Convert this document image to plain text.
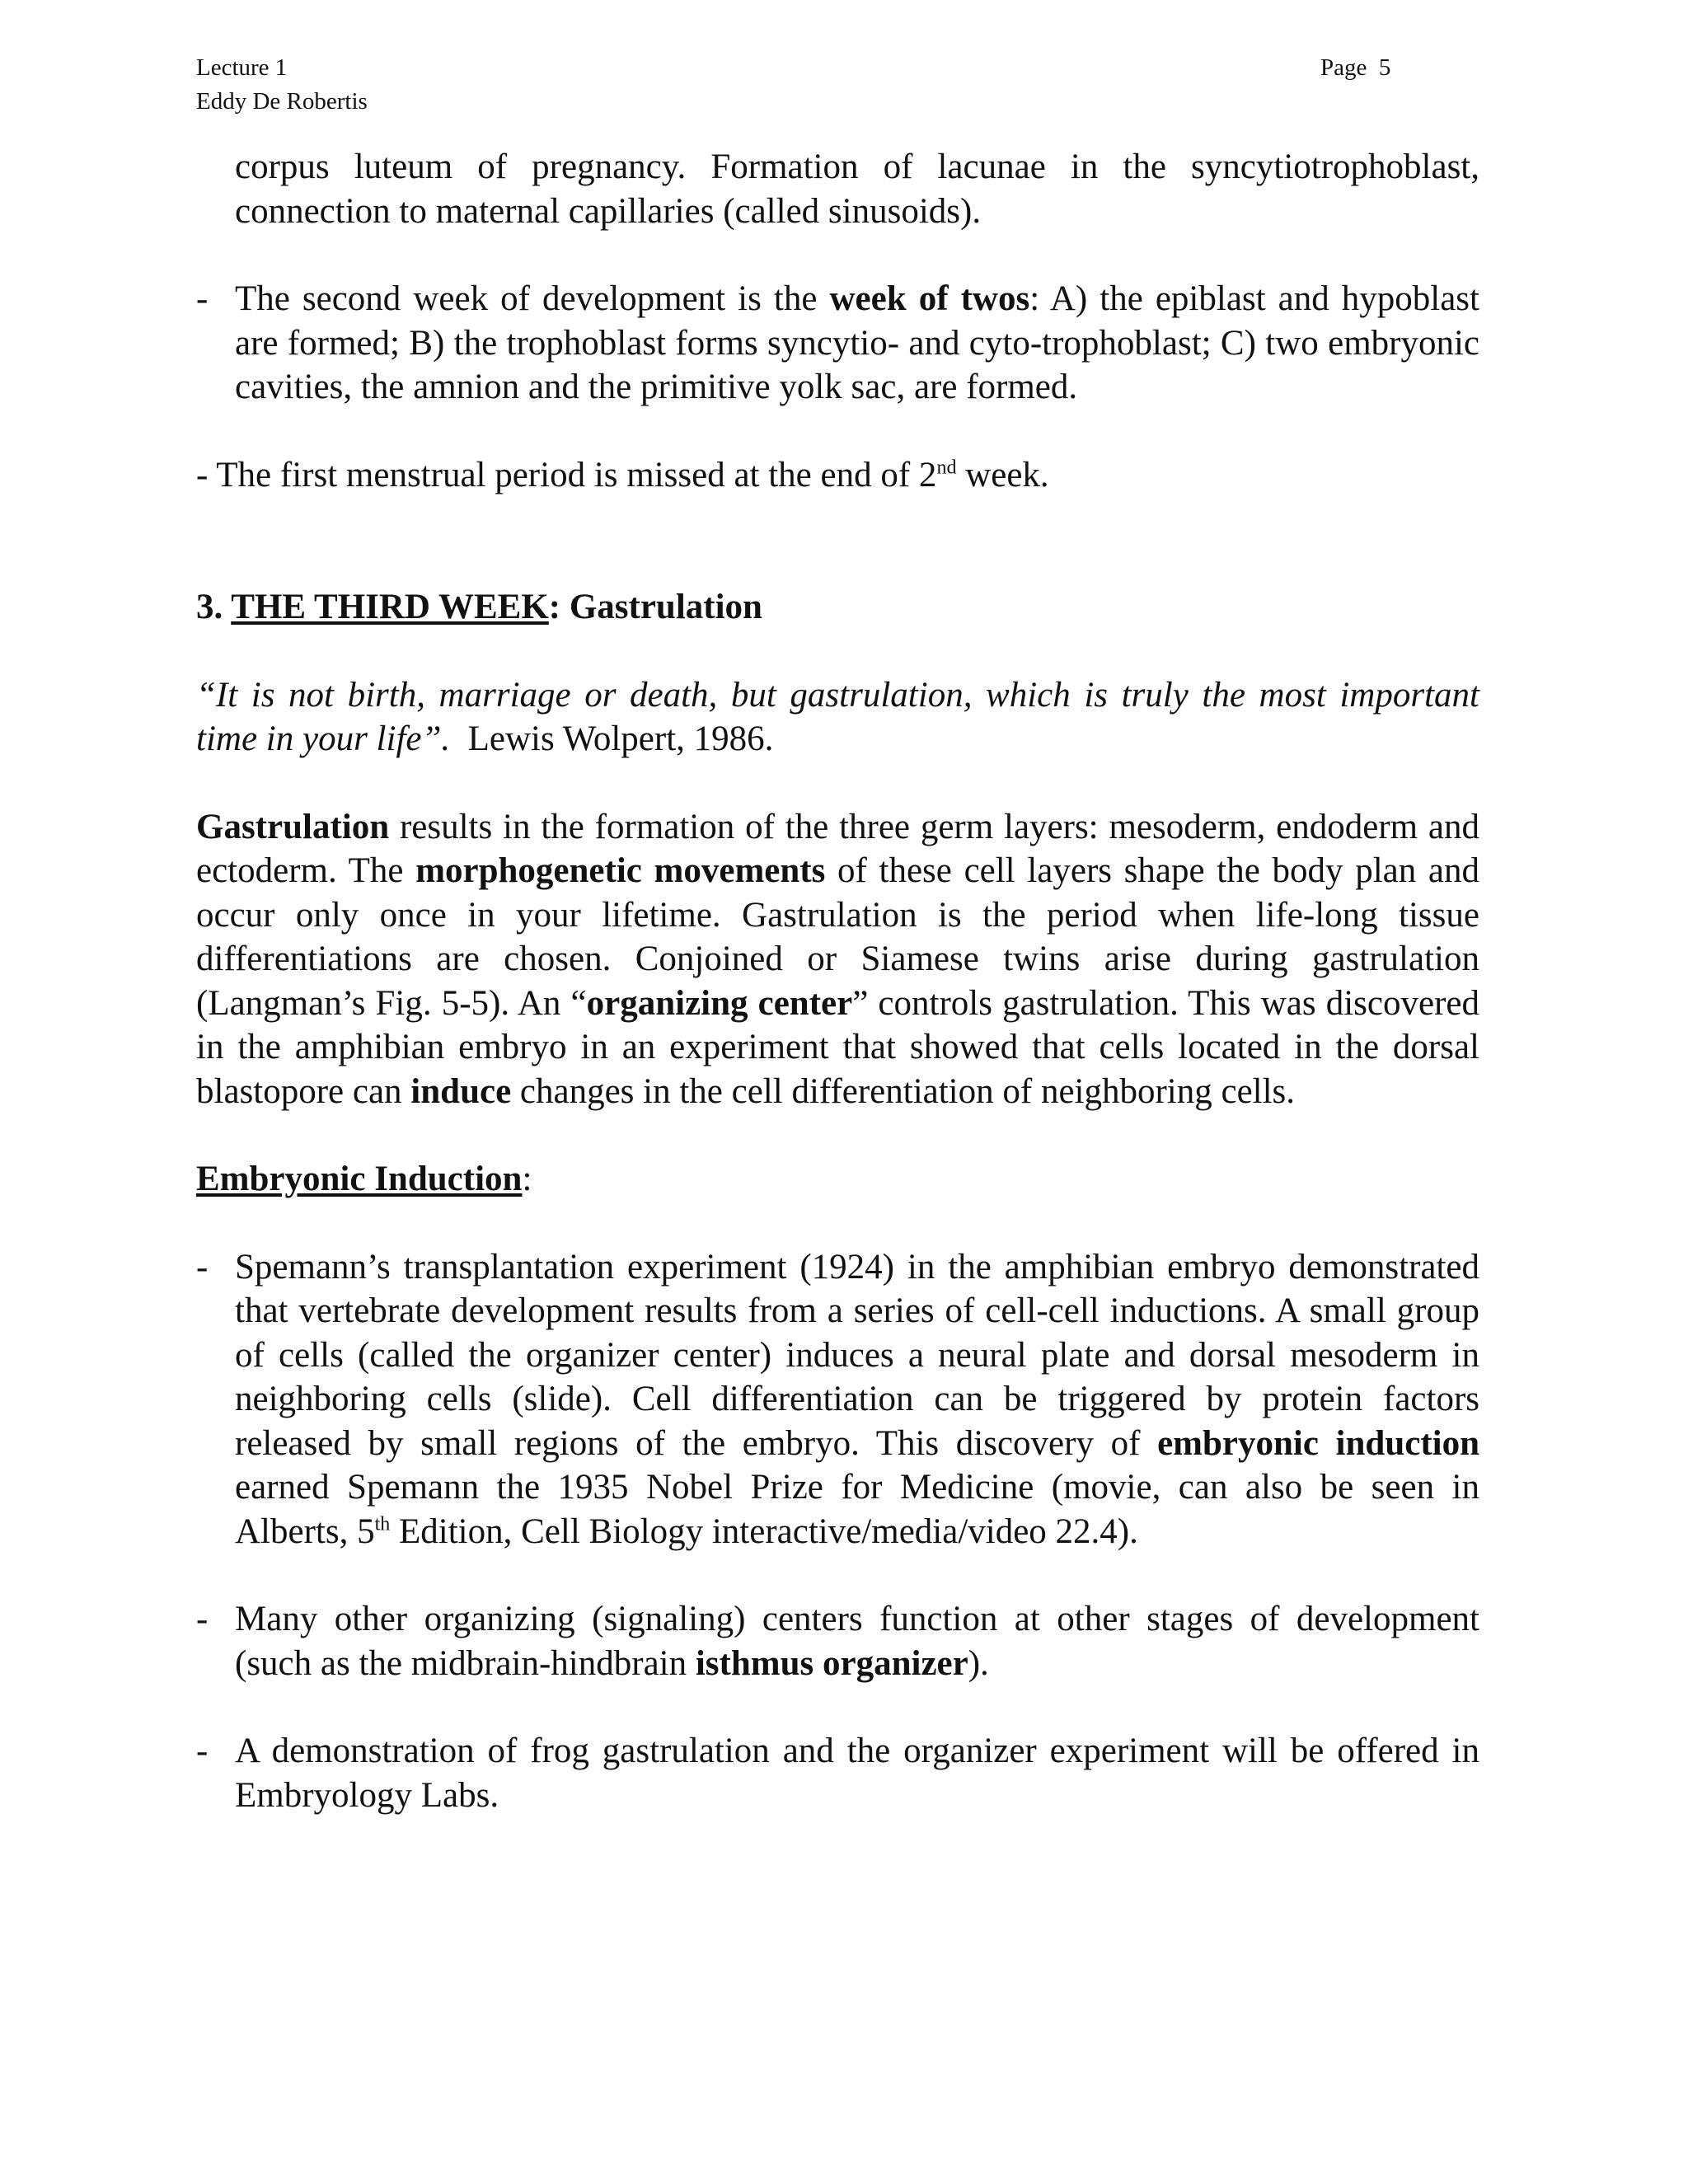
Lecture 1
Eddy De Robertis
Page  5
corpus luteum of pregnancy. Formation of lacunae in the syncytiotrophoblast,
connection to maternal capillaries (called sinusoids).
- The second week of development is the week of twos: A) the epiblast and hypoblast are formed; B) the trophoblast forms syncytio- and cyto-trophoblast; C) two embryonic cavities, the amnion and the primitive yolk sac, are formed.
- The first menstrual period is missed at the end of 2nd week.
3. THE THIRD WEEK: Gastrulation
“It is not birth, marriage or death, but gastrulation, which is truly the most important time in your life”.  Lewis Wolpert, 1986.
Gastrulation results in the formation of the three germ layers: mesoderm, endoderm and ectoderm. The morphogenetic movements of these cell layers shape the body plan and occur only once in your lifetime. Gastrulation is the period when life-long tissue differentiations are chosen. Conjoined or Siamese twins arise during gastrulation (Langman’s Fig. 5-5). An “organizing center” controls gastrulation. This was discovered in the amphibian embryo in an experiment that showed that cells located in the dorsal blastopore can induce changes in the cell differentiation of neighboring cells.
Embryonic Induction:
- Spemann’s transplantation experiment (1924) in the amphibian embryo demonstrated that vertebrate development results from a series of cell-cell inductions. A small group of cells (called the organizer center) induces a neural plate and dorsal mesoderm in neighboring cells (slide). Cell differentiation can be triggered by protein factors released by small regions of the embryo. This discovery of embryonic induction earned Spemann the 1935 Nobel Prize for Medicine (movie, can also be seen in Alberts, 5th Edition, Cell Biology interactive/media/video 22.4).
- Many other organizing (signaling) centers function at other stages of development (such as the midbrain-hindbrain isthmus organizer).
- A demonstration of frog gastrulation and the organizer experiment will be offered in Embryology Labs.
